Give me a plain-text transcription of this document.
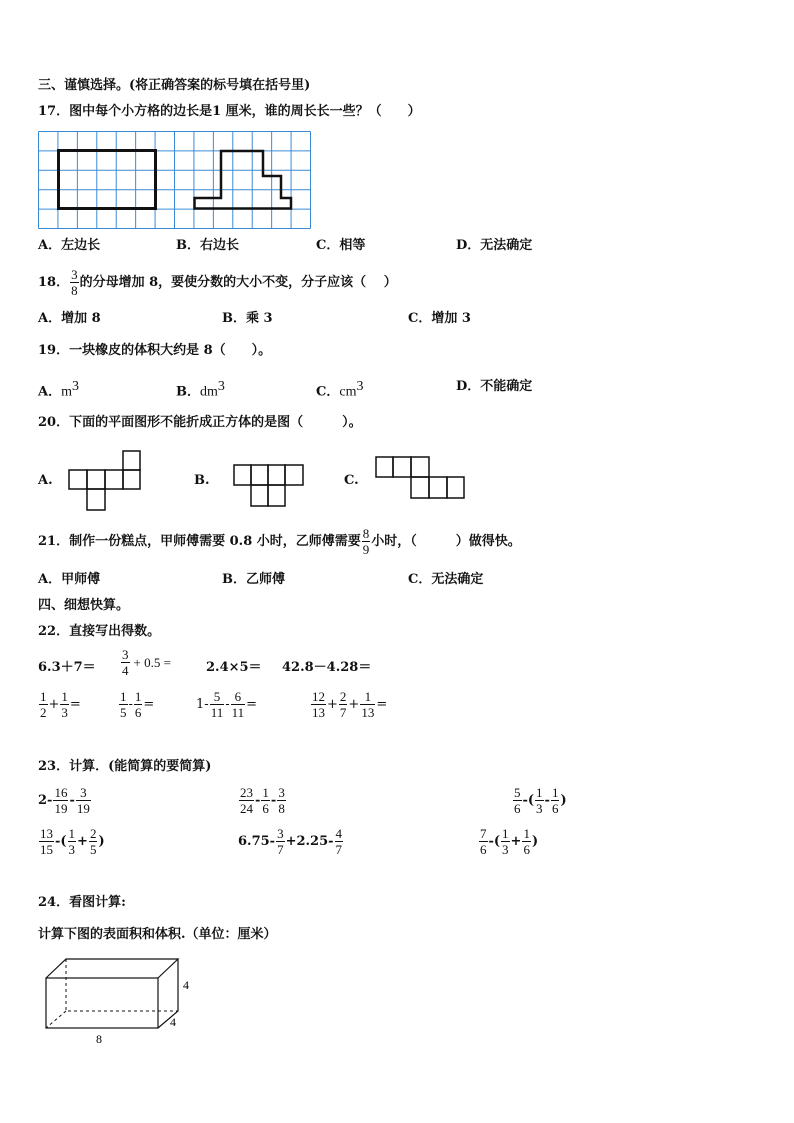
三、谨慎选择。(将正确答案的标号填在括号里)
17．图中每个小方格的边长是1 厘米，谁的周长长一些？（　　）
A．左边长	B．右边长	C．相等	D．无法确定
18． $\frac{3}{8}$ 的分母增加 8，要使分数的大小不变，分子应该（　 ）
A．增加 8	B．乘 3	C．增加 3
19．一块橡皮的体积大约是 8（　　）。
A．$m^3$	B．$dm^3$	C．$cm^3$	D．不能确定
20．下面的平面图形不能折成正方体的是图（　　　）。
A.	B.	C.
21．制作一份糕点，甲师傅需要 0.8 小时，乙师傅需要 $\frac{8}{9}$ 小时，（　　　）做得快。
A．甲师傅	B．乙师傅	C．无法确定
四、细想快算。
22．直接写出得数。
$6.3+7= \frac{3}{4} + 0.5$ =	2.4×5＝ 42.8－4.28＝
$\frac{1}{2} + \frac{1}{3}$ =	$\frac{1}{5} - \frac{1}{6}$ =	$1 - \frac{5}{11} - \frac{6}{11}$ =	$\frac{12}{13} + \frac{2}{7} + \frac{1}{13}$ =
23．计算．(能简算的要简算)
$2- \frac{16}{19} - \frac{3}{19}$	$\frac{23}{24} - \frac{1}{6} - \frac{3}{8}$	$\frac{5}{6}$ -( $\frac{1}{3} - \frac{1}{6}$ )
$\frac{13}{15}$ -( $\frac{1}{3} + \frac{2}{5}$ )	$6.75- \frac{3}{7} +2.25- \frac{4}{7}$	$\frac{7}{6}$ -( $\frac{1}{3} + \frac{1}{6}$ )
24．看图计算:
计算下图的表面积和体积.（单位：厘米）
4
4
8
